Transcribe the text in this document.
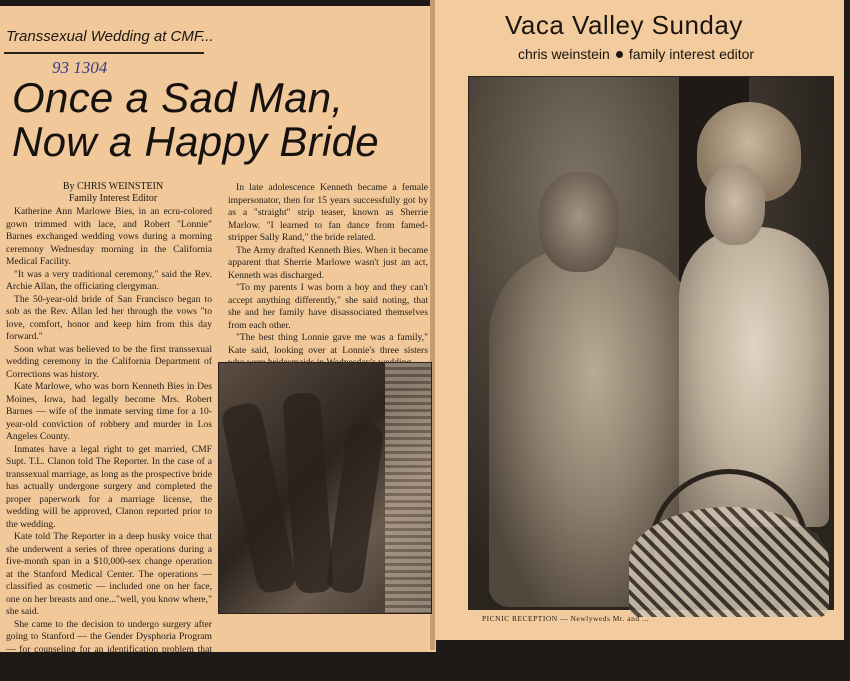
Transsexual Wedding at CMF...
93 1304
Once a Sad Man,
Now a Happy Bride
By CHRIS WEINSTEIN
Family Interest Editor

Katherine Ann Marlowe Bies, in an ecru-colored gown trimmed with lace, and Robert "Lonnie" Barnes exchanged wedding vows during a morning ceremony Wednesday morning in the California Medical Facility.

"It was a very traditional ceremony," said the Rev. Archie Allan, the officiating clergyman.

The 50-year-old bride of San Francisco began to sob as the Rev. Allan led her through the vows "to love, comfort, honor and keep him from this day forward."

Soon what was believed to be the first transsexual wedding ceremony in the California Department of Corrections was history.

Kate Marlowe, who was born Kenneth Bies in Des Moines, Iowa, had legally become Mrs. Robert Barnes — wife of the inmate serving time for a 10-year-old conviction of robbery and murder in Los Angeles County.

Inmates have a legal right to get married, CMF Supt. T.L. Clanon told The Reporter. In the case of a transsexual marriage, as long as the prospective bride has actually undergone surgery and completed the proper paperwork for a marriage license, the wedding will be approved, Clanon reported prior to the wedding.

Kate told The Reporter in a deep husky voice that she underwent a series of three operations during a five-month span in a $10,000-sex change operation at the Stanford Medical Center. The operations — classified as cosmetic — included one on her face, one on her breasts and one..."well, you know where," she said.

She came to the decision to undergo surgery after going to Stanford — the Gender Dysphoria Program — for counseling for an identification problem that had plagued her as a man for most of his life.

"I was a woman trapped in a man's body," she said.

In late adolescence Kenneth became a female impersonator, then for 15 years successfully got by as a "straight" strip teaser, known as Sherrie Marlow. "I learned to fan dance from famed-stripper Sally Rand," the bride related.

The Army drafted Kenneth Bies. When it became apparent that Sherrie Marlowe wasn't just an act, Kenneth was discharged.

"To my parents I was born a boy and they can't accept anything differently," she said noting, that she and her family have disassociated themselves from each other.

"The best thing Lonnie gave me was a family," Kate said, looking over at Lonnie's three sisters

Vaca Valley Sunday
chris weinstein family interest editor
PICNIC RECEPTION — Newlyweds Mr. and ...
